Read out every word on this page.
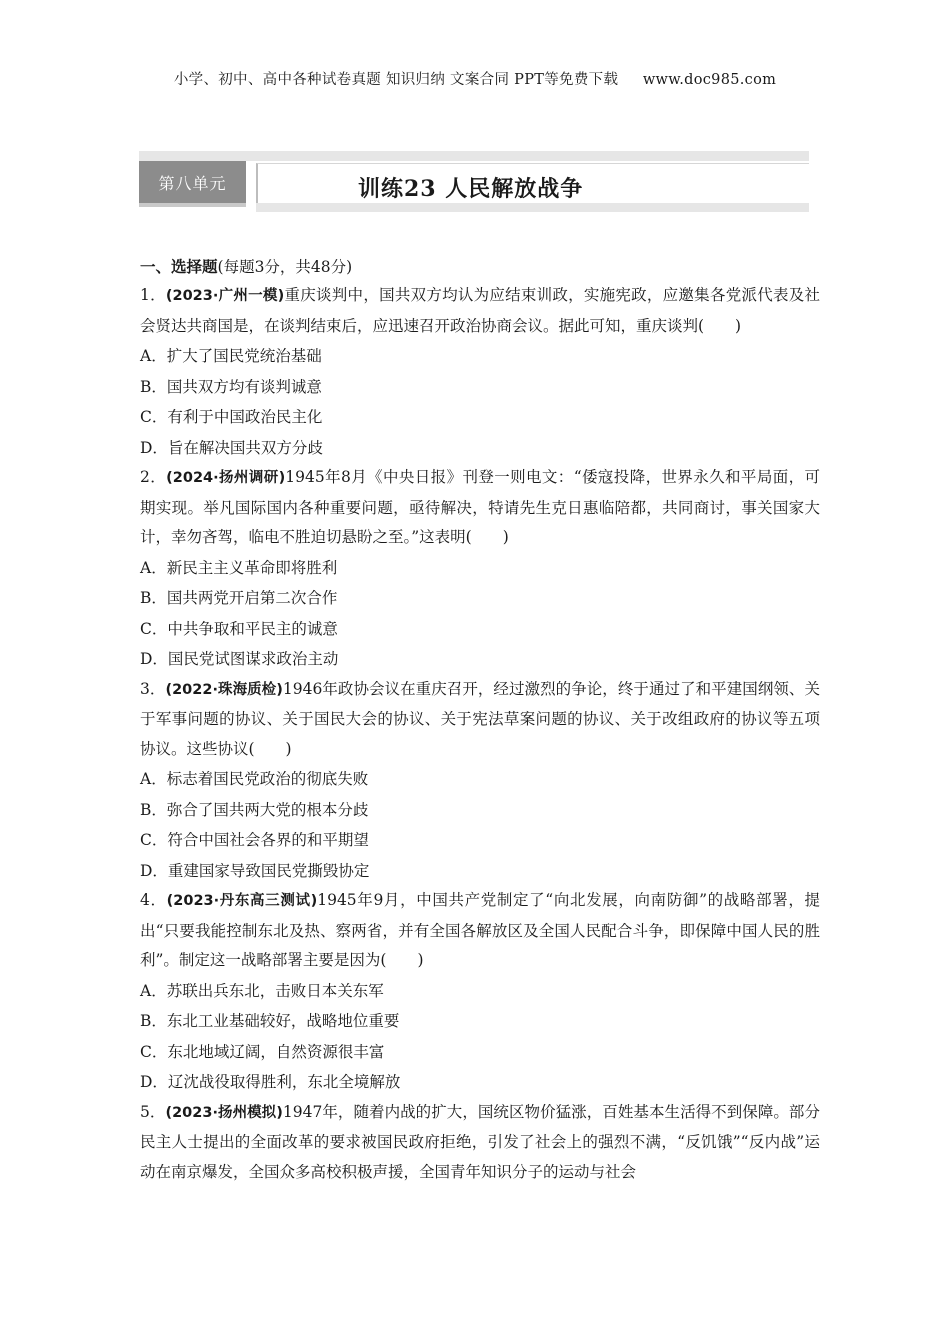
小学、初中、高中各种试卷真题 知识归纳 文案合同 PPT等免费下载 www.doc985.com
第八单元	训练23 人民解放战争
一、选择题(每题3分，共48分)
1．(2023·广州一模)重庆谈判中，国共双方均认为应结束训政，实施宪政，应邀集各党派代表及社会贤达共商国是，在谈判结束后，应迅速召开政治协商会议。据此可知，重庆谈判(　　)
A．扩大了国民党统治基础
B．国共双方均有谈判诚意
C．有利于中国政治民主化
D．旨在解决国共双方分歧
2．(2024·扬州调研)1945年8月《中央日报》刊登一则电文：“倭寇投降，世界永久和平局面，可期实现。举凡国际国内各种重要问题，亟待解决，特请先生克日惠临陪都，共同商讨，事关国家大计，幸勿吝驾，临电不胜迫切悬盼之至。”这表明(　　)
A．新民主主义革命即将胜利
B．国共两党开启第二次合作
C．中共争取和平民主的诚意
D．国民党试图谋求政治主动
3．(2022·珠海质检)1946年政协会议在重庆召开，经过激烈的争论，终于通过了和平建国纲领、关于军事问题的协议、关于国民大会的协议、关于宪法草案问题的协议、关于改组政府的协议等五项协议。这些协议(　　)
A．标志着国民党政治的彻底失败
B．弥合了国共两大党的根本分歧
C．符合中国社会各界的和平期望
D．重建国家导致国民党撕毁协定
4．(2023·丹东高三测试)1945年9月，中国共产党制定了“向北发展，向南防御”的战略部署，提出“只要我能控制东北及热、察两省，并有全国各解放区及全国人民配合斗争，即保障中国人民的胜利”。制定这一战略部署主要是因为(　　)
A．苏联出兵东北，击败日本关东军
B．东北工业基础较好，战略地位重要
C．东北地域辽阔，自然资源很丰富
D．辽沈战役取得胜利，东北全境解放
5．(2023·扬州模拟)1947年，随着内战的扩大，国统区物价猛涨，百姓基本生活得不到保障。部分民主人士提出的全面改革的要求被国民政府拒绝，引发了社会上的强烈不满，“反饥饿”“反内战”运动在南京爆发，全国众多高校积极声援，全国青年知识分子的运动与社会
